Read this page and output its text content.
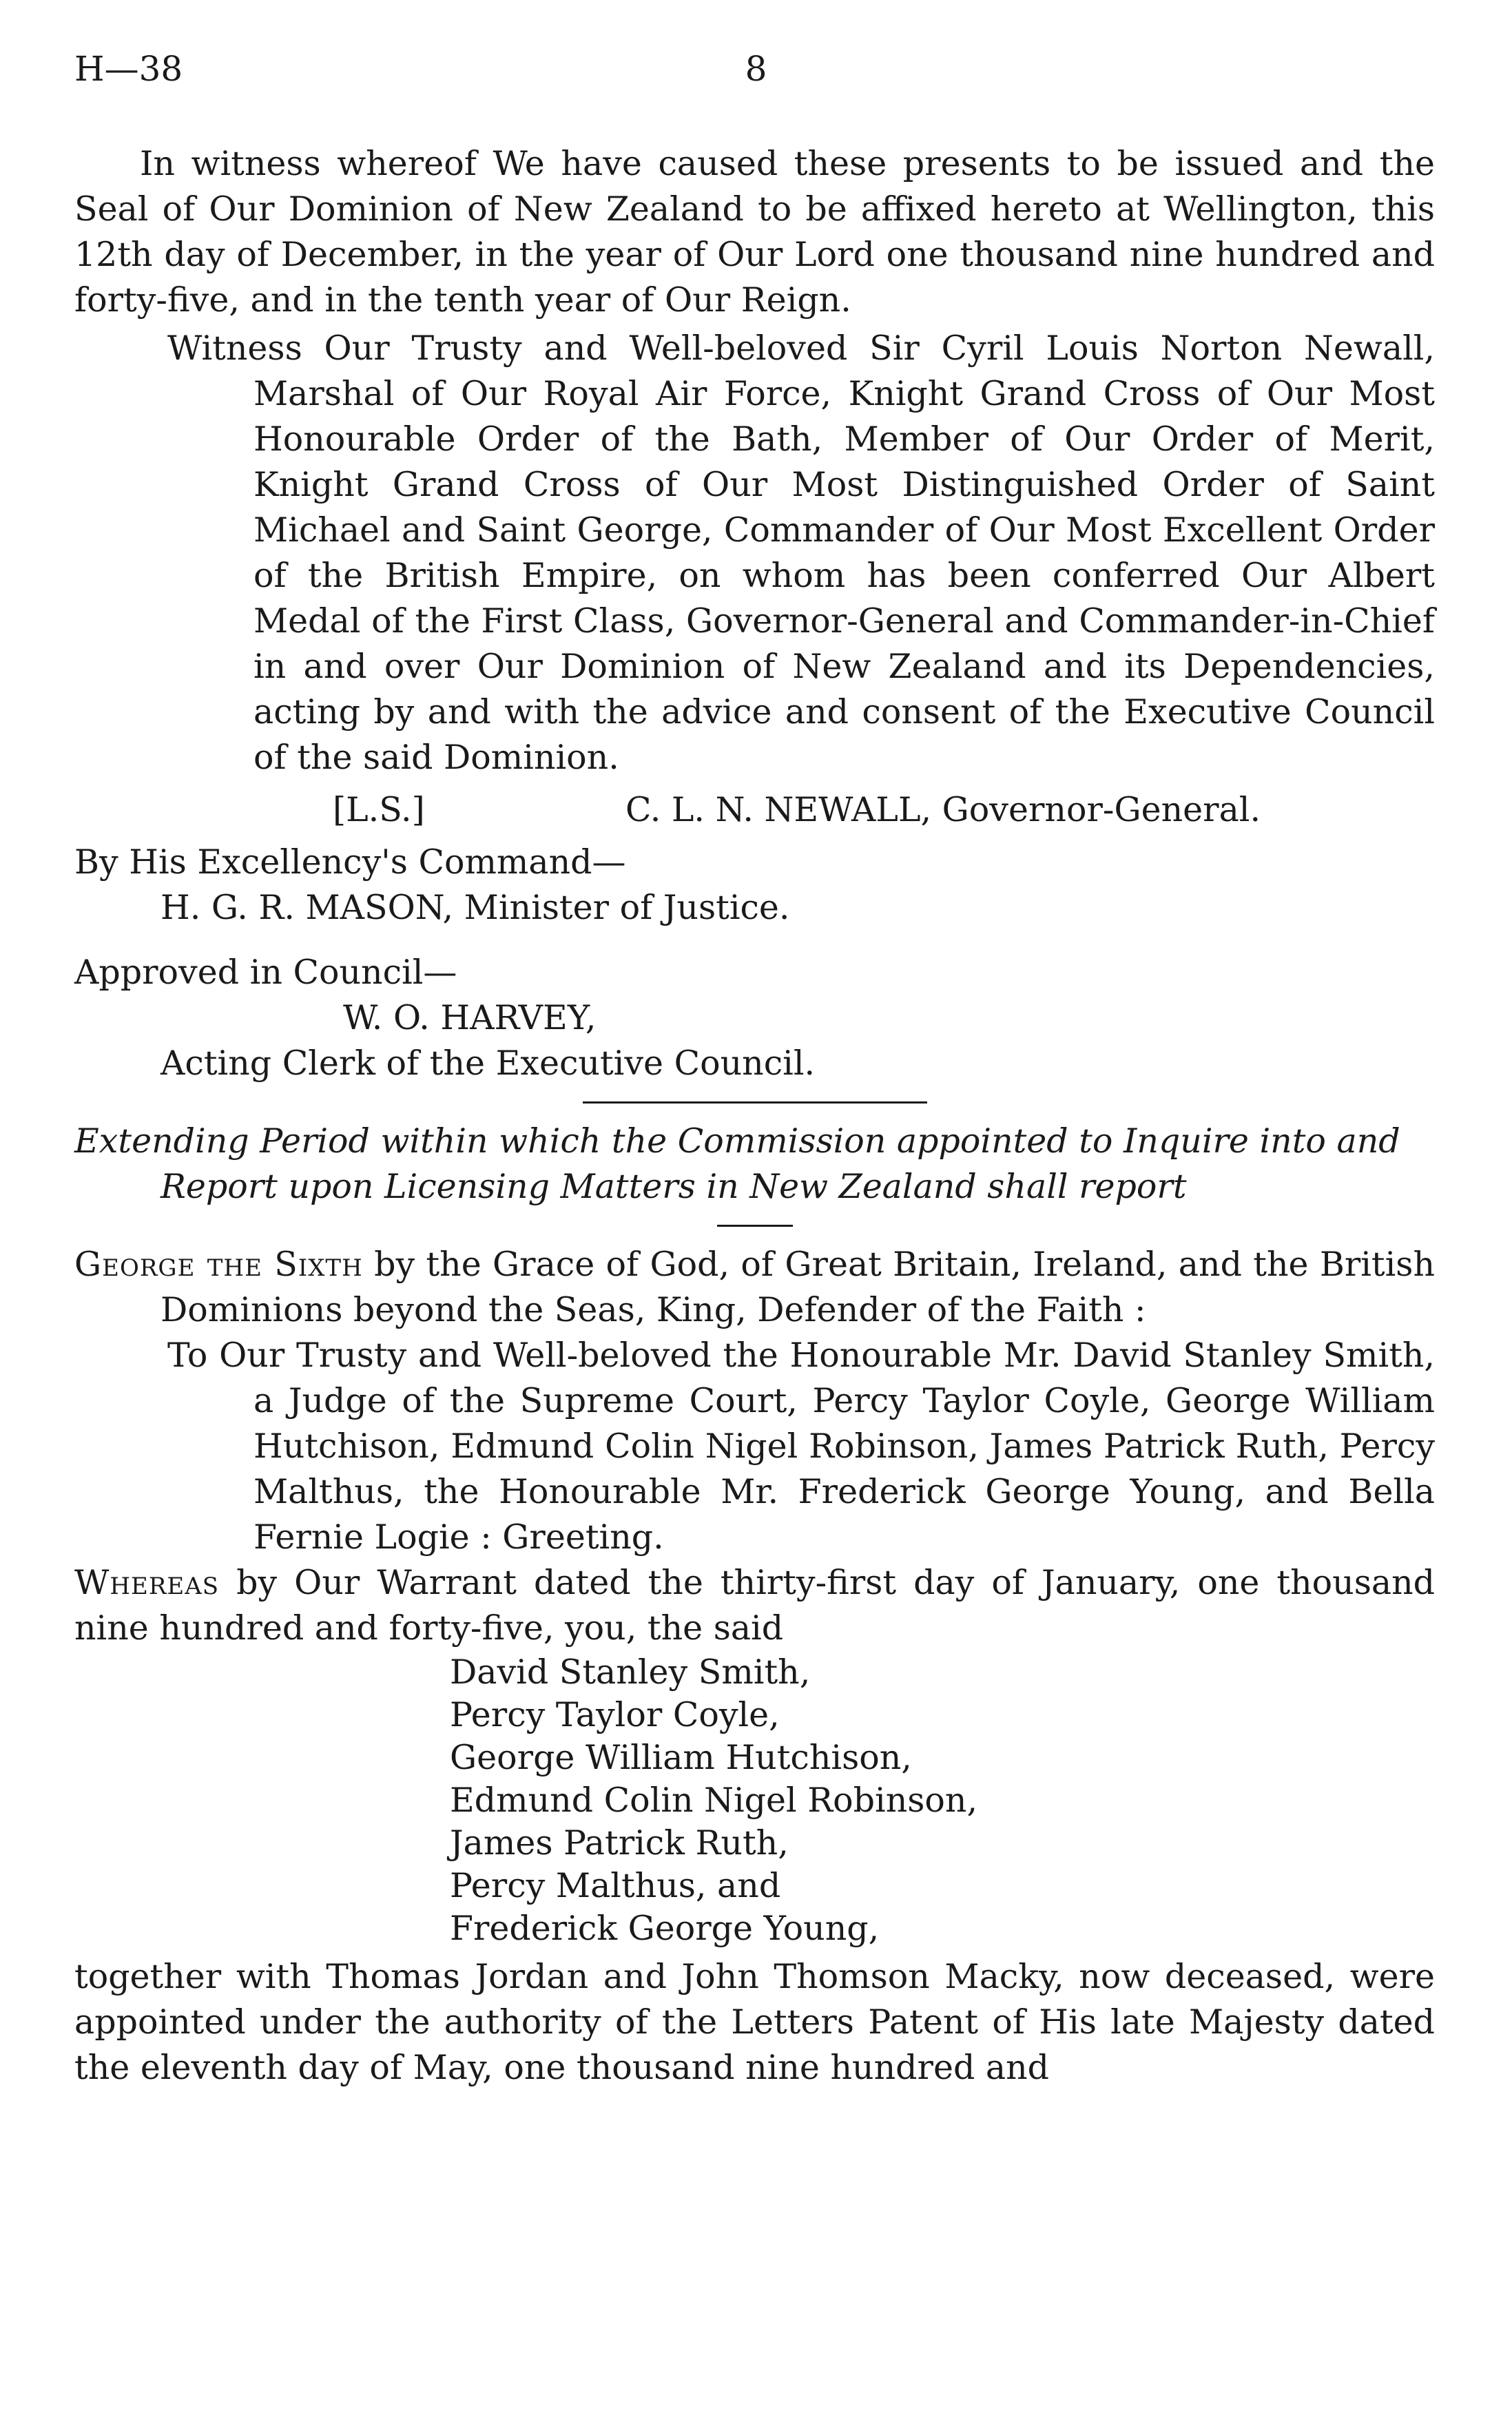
H—38	8

In witness whereof We have caused these presents to be issued and the Seal of Our Dominion of New Zealand to be affixed hereto at Wellington, this 12th day of December, in the year of Our Lord one thousand nine hundred and forty-five, and in the tenth year of Our Reign.

Witness Our Trusty and Well-beloved Sir Cyril Louis Norton Newall, Marshal of Our Royal Air Force, Knight Grand Cross of Our Most Honourable Order of the Bath, Member of Our Order of Merit, Knight Grand Cross of Our Most Distinguished Order of Saint Michael and Saint George, Commander of Our Most Excellent Order of the British Empire, on whom has been conferred Our Albert Medal of the First Class, Governor-General and Commander-in-Chief in and over Our Dominion of New Zealand and its Dependencies, acting by and with the advice and consent of the Executive Council of the said Dominion.

[L.S.]	C. L. N. NEWALL, Governor-General.
By His Excellency's Command—
H. G. R. MASON, Minister of Justice.
Approved in Council—
W. O. HARVEY,
Acting Clerk of the Executive Council.

Extending Period within which the Commission appointed to Inquire into and Report upon Licensing Matters in New Zealand shall report

George the Sixth by the Grace of God, of Great Britain, Ireland, and the British Dominions beyond the Seas, King, Defender of the Faith :

To Our Trusty and Well-beloved the Honourable Mr. David Stanley Smith, a Judge of the Supreme Court, Percy Taylor Coyle, George William Hutchison, Edmund Colin Nigel Robinson, James Patrick Ruth, Percy Malthus, the Honourable Mr. Frederick George Young, and Bella Fernie Logie : Greeting.

Whereas by Our Warrant dated the thirty-first day of January, one thousand nine hundred and forty-five, you, the said

David Stanley Smith,
Percy Taylor Coyle,
George William Hutchison,
Edmund Colin Nigel Robinson,
James Patrick Ruth,
Percy Malthus, and
Frederick George Young,

together with Thomas Jordan and John Thomson Macky, now deceased, were appointed under the authority of the Letters Patent of His late Majesty dated the eleventh day of May, one thousand nine hundred and
